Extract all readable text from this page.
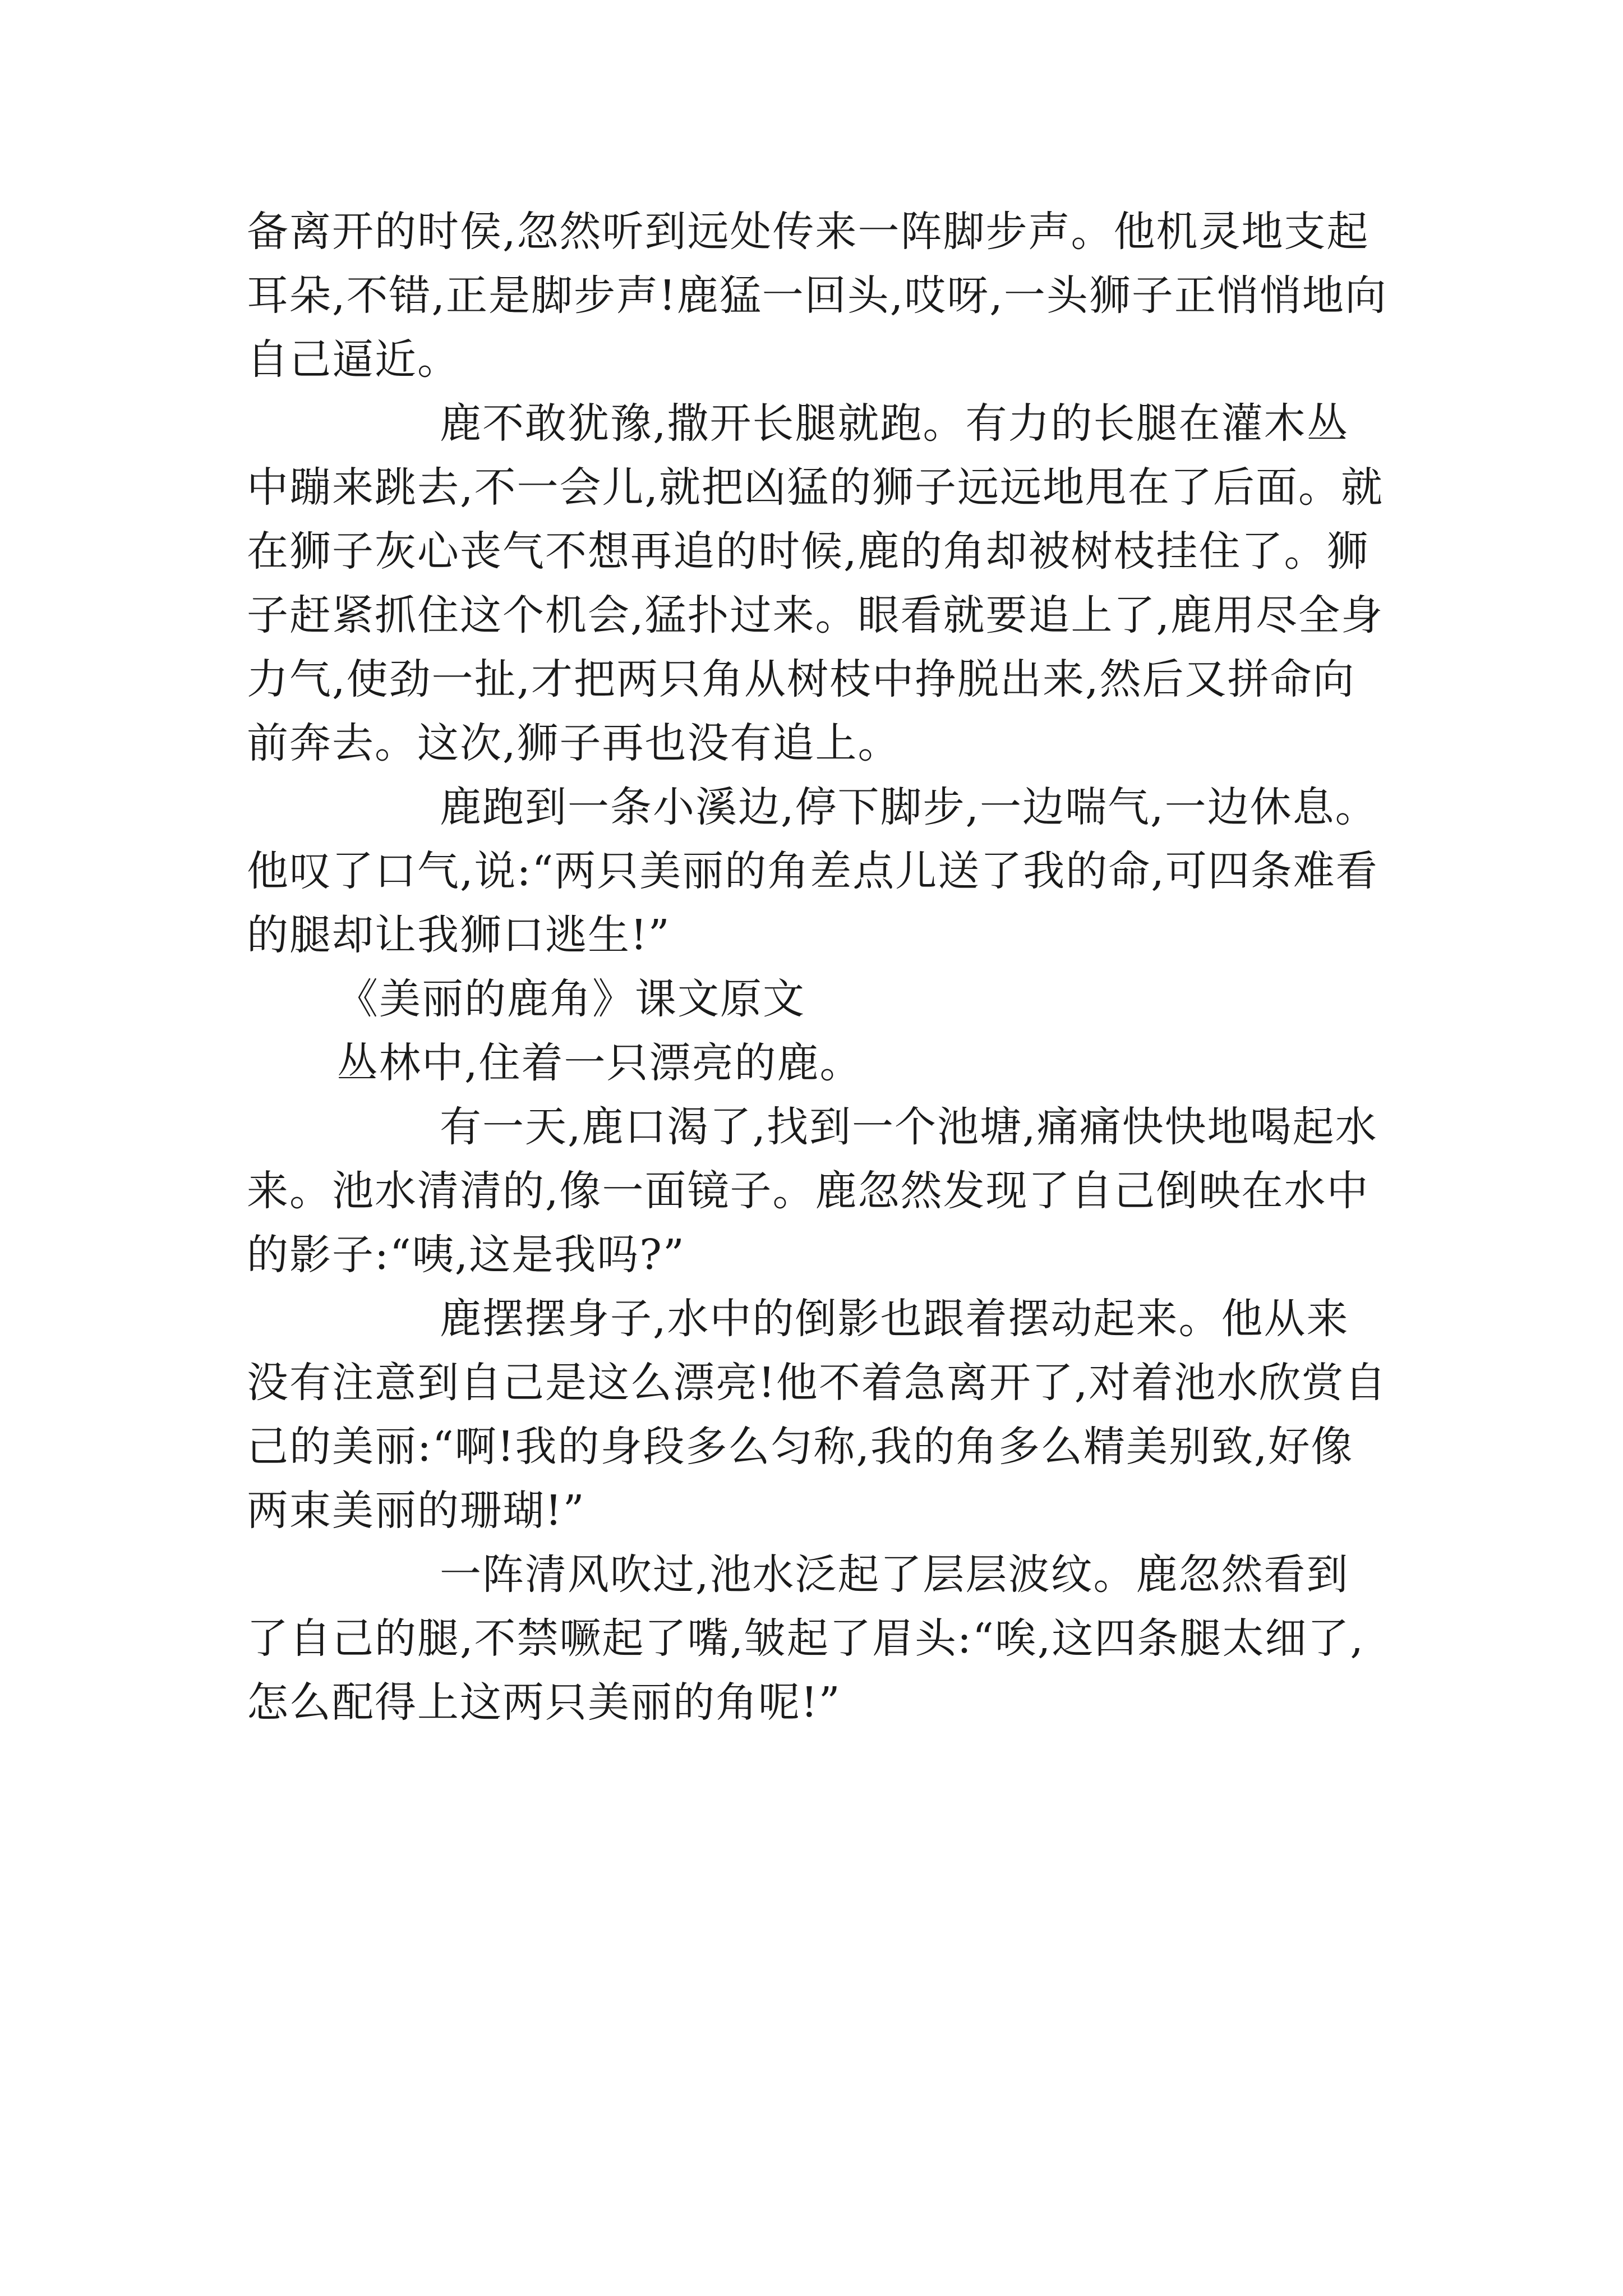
备离开的时侯,忽然听到远处传来一阵脚步声。他机灵地支起耳朵,不错,正是脚步声!鹿猛一回头,哎呀,一头狮子正悄悄地向自己逼近。

鹿不敢犹豫,撒开长腿就跑。有力的长腿在灌木丛中蹦来跳去,不一会儿,就把凶猛的狮子远远地甩在了后面。就在狮子灰心丧气不想再追的时候,鹿的角却被树枝挂住了。狮子赶紧抓住这个机会,猛扑过来。眼看就要追上了,鹿用尽全身力气,使劲一扯,才把两只角从树枝中挣脱出来,然后又拼命向前奔去。这次,狮子再也没有追上。

鹿跑到一条小溪边,停下脚步,一边喘气,一边休息。他叹了口气,说:“两只美丽的角差点儿送了我的命,可四条难看的腿却让我狮口逃生!”

《美丽的鹿角》课文原文

丛林中,住着一只漂亮的鹿。

有一天,鹿口渴了,找到一个池塘,痛痛快快地喝起水来。池水清清的,像一面镜子。鹿忽然发现了自己倒映在水中的影子:“咦,这是我吗?”

鹿摆摆身子,水中的倒影也跟着摆动起来。他从来没有注意到自己是这么漂亮!他不着急离开了,对着池水欣赏自己的美丽:“啊!我的身段多么匀称,我的角多么精美别致,好像两束美丽的珊瑚!”

一阵清风吹过,池水泛起了层层波纹。鹿忽然看到了自己的腿,不禁噘起了嘴,皱起了眉头:“唉,这四条腿太细了,怎么配得上这两只美丽的角呢!”
